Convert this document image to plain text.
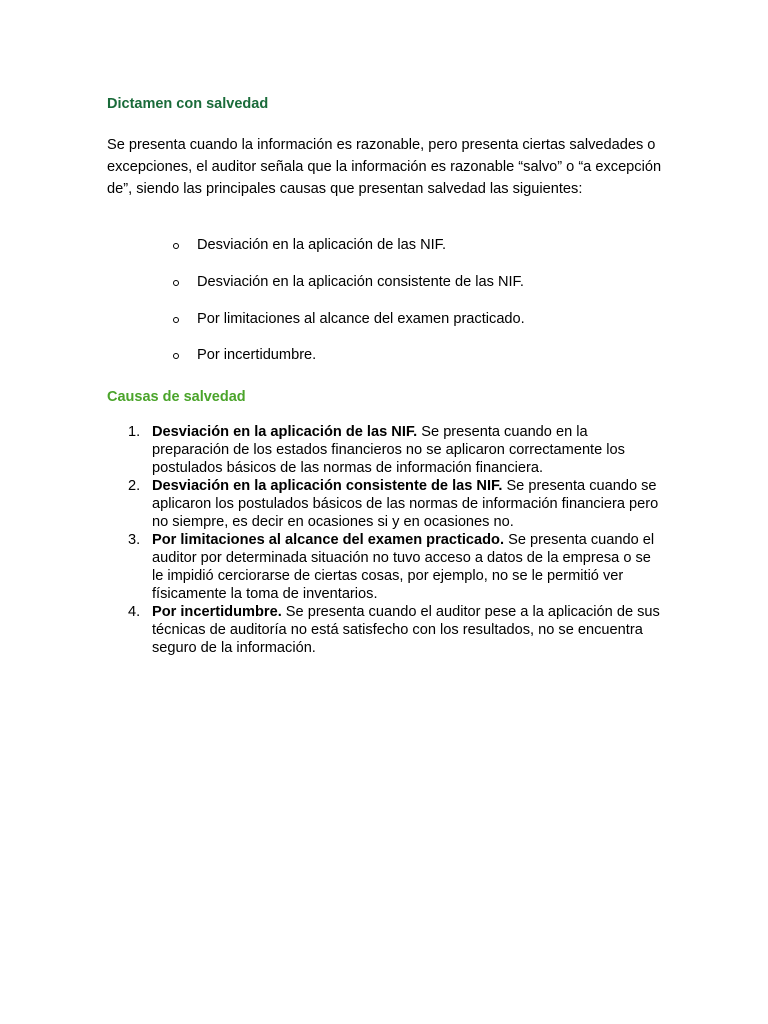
Dictamen con salvedad

Se presenta cuando la información es razonable, pero presenta ciertas salvedades o excepciones, el auditor señala que la información es razonable “salvo” o “a excepción de”, siendo las principales causas que presentan salvedad las siguientes:

Desviación en la aplicación de las NIF.
Desviación en la aplicación consistente de las NIF.
Por limitaciones al alcance del examen practicado.
Por incertidumbre.
Causas de salvedad
1. Desviación en la aplicación de las NIF. Se presenta cuando en la preparación de los estados financieros no se aplicaron correctamente los postulados básicos de las normas de información financiera.
2. Desviación en la aplicación consistente de las NIF. Se presenta cuando se aplicaron los postulados básicos de las normas de información financiera pero no siempre, es decir en ocasiones si y en ocasiones no.
3. Por limitaciones al alcance del examen practicado. Se presenta cuando el auditor por determinada situación no tuvo acceso a datos de la empresa o se le impidió cerciorarse de ciertas cosas, por ejemplo, no se le permitió ver físicamente la toma de inventarios.
4. Por incertidumbre. Se presenta cuando el auditor pese a la aplicación de sus técnicas de auditoría no está satisfecho con los resultados, no se encuentra seguro de la información.
